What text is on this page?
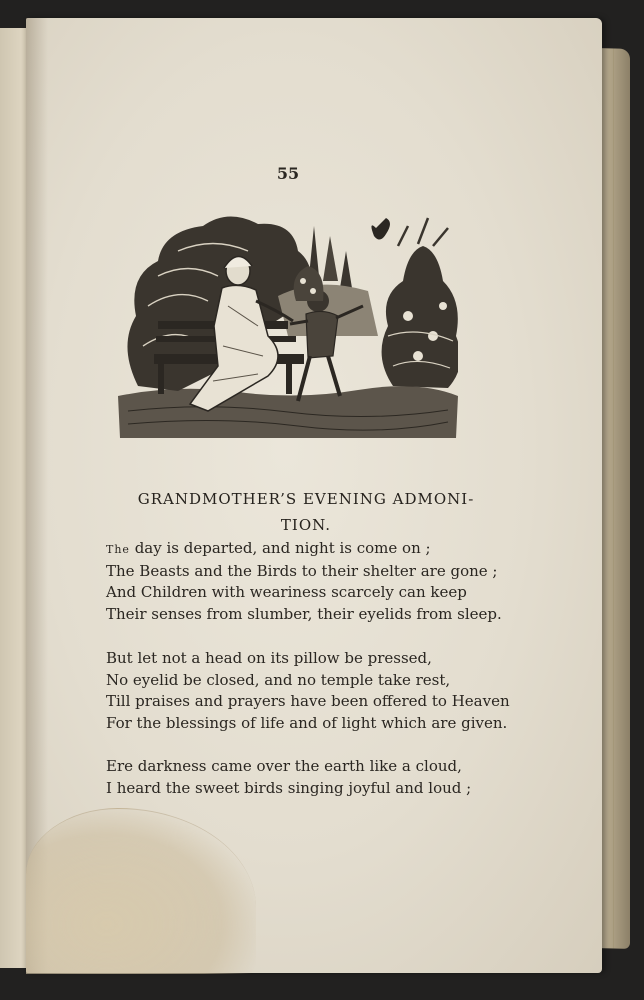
55
GRANDMOTHER’S EVENING ADMONI-
TION.
The day is departed, and night is come on ;
The Beasts and the Birds to their shelter are gone ;
And Children with weariness scarcely can keep
Their senses from slumber, their eyelids from sleep.
But let not a head on its pillow be pressed,
No eyelid be closed, and no temple take rest,
Till praises and prayers have been offered to Heaven
For the blessings of life and of light which are given.
Ere darkness came over the earth like a cloud,
I heard the sweet birds singing joyful and loud ;
